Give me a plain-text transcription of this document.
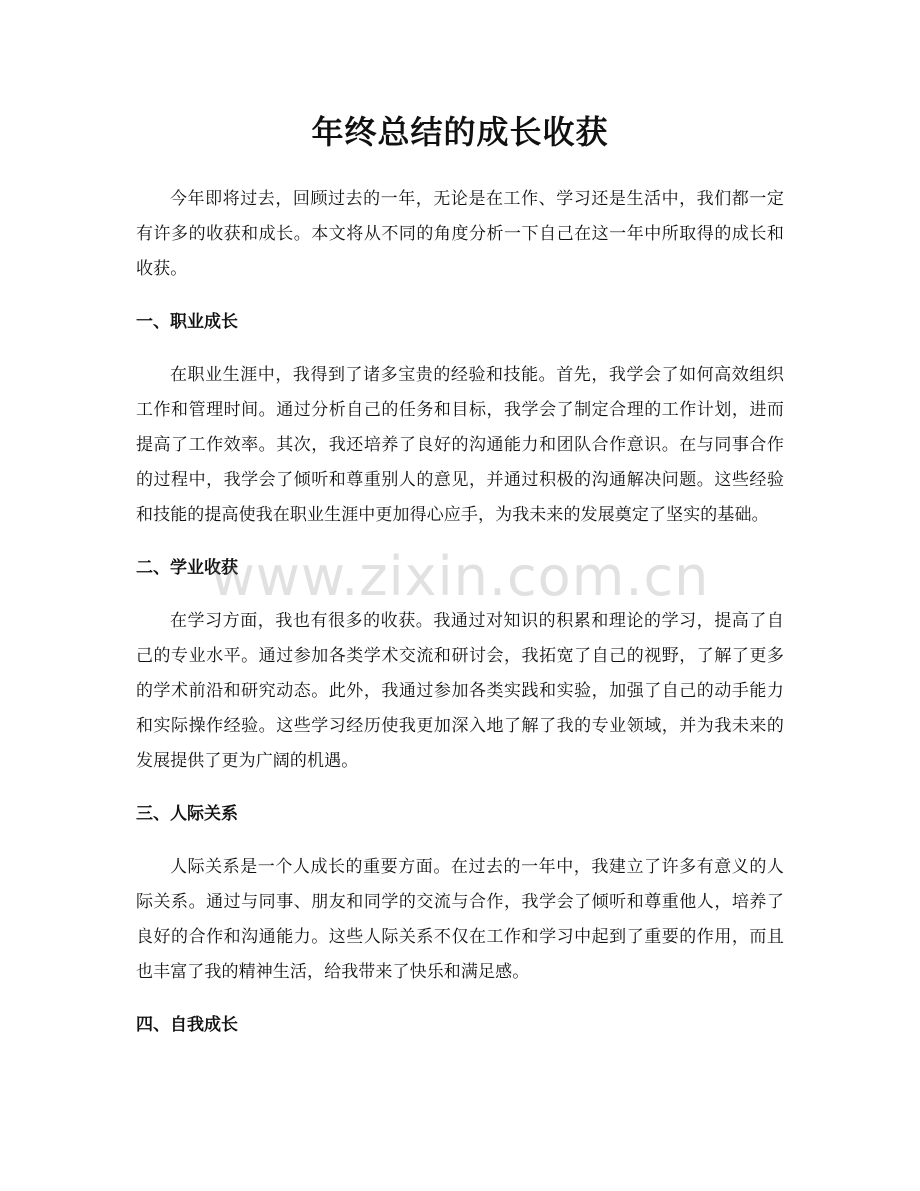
年终总结的成长收获

今年即将过去，回顾过去的一年，无论是在工作、学习还是生活中，我们都一定有许多的收获和成长。本文将从不同的角度分析一下自己在这一年中所取得的成长和收获。

一、职业成长

在职业生涯中，我得到了诸多宝贵的经验和技能。首先，我学会了如何高效组织工作和管理时间。通过分析自己的任务和目标，我学会了制定合理的工作计划，进而提高了工作效率。其次，我还培养了良好的沟通能力和团队合作意识。在与同事合作的过程中，我学会了倾听和尊重别人的意见，并通过积极的沟通解决问题。这些经验和技能的提高使我在职业生涯中更加得心应手，为我未来的发展奠定了坚实的基础。

二、学业收获

在学习方面，我也有很多的收获。我通过对知识的积累和理论的学习，提高了自己的专业水平。通过参加各类学术交流和研讨会，我拓宽了自己的视野，了解了更多的学术前沿和研究动态。此外，我通过参加各类实践和实验，加强了自己的动手能力和实际操作经验。这些学习经历使我更加深入地了解了我的专业领域，并为我未来的发展提供了更为广阔的机遇。

三、人际关系

人际关系是一个人成长的重要方面。在过去的一年中，我建立了许多有意义的人际关系。通过与同事、朋友和同学的交流与合作，我学会了倾听和尊重他人，培养了良好的合作和沟通能力。这些人际关系不仅在工作和学习中起到了重要的作用，而且也丰富了我的精神生活，给我带来了快乐和满足感。

四、自我成长
www.zixin.com.cn
